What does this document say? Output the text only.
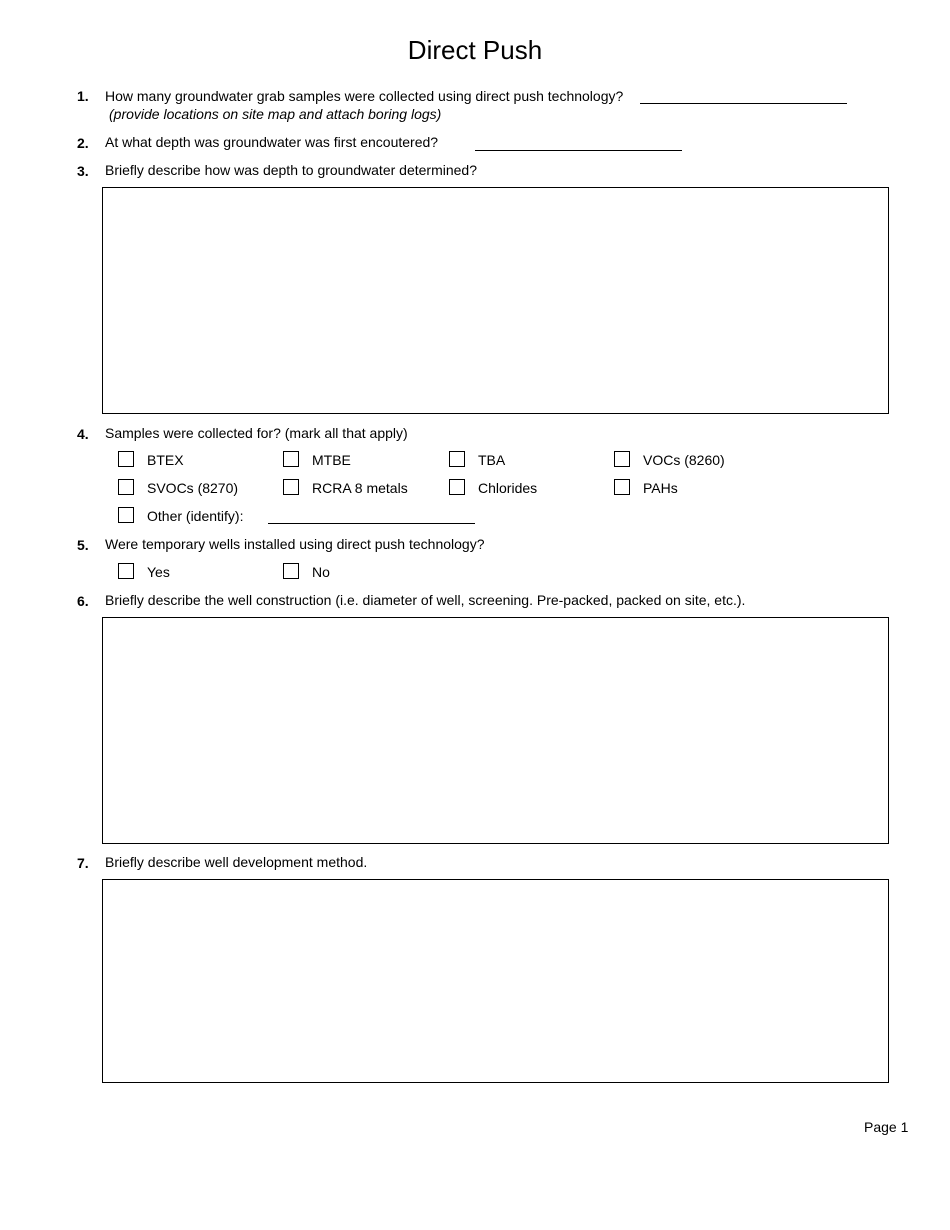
Direct Push
1. How many groundwater grab samples were collected using direct push technology?
(provide locations on site map and attach boring logs)
2. At what depth was groundwater was first encoutered?
3. Briefly describe how was depth to groundwater determined?
4. Samples were collected for? (mark all that apply)
BTEX	MTBE	TBA	VOCs (8260)
SVOCs (8270)	RCRA 8 metals	Chlorides	PAHs
Other (identify):
5. Were temporary wells installed using direct push technology?
Yes	No
6. Briefly describe the well construction (i.e. diameter of well, screening. Pre-packed, packed on site, etc.).
7. Briefly describe well development method.
Page 1
